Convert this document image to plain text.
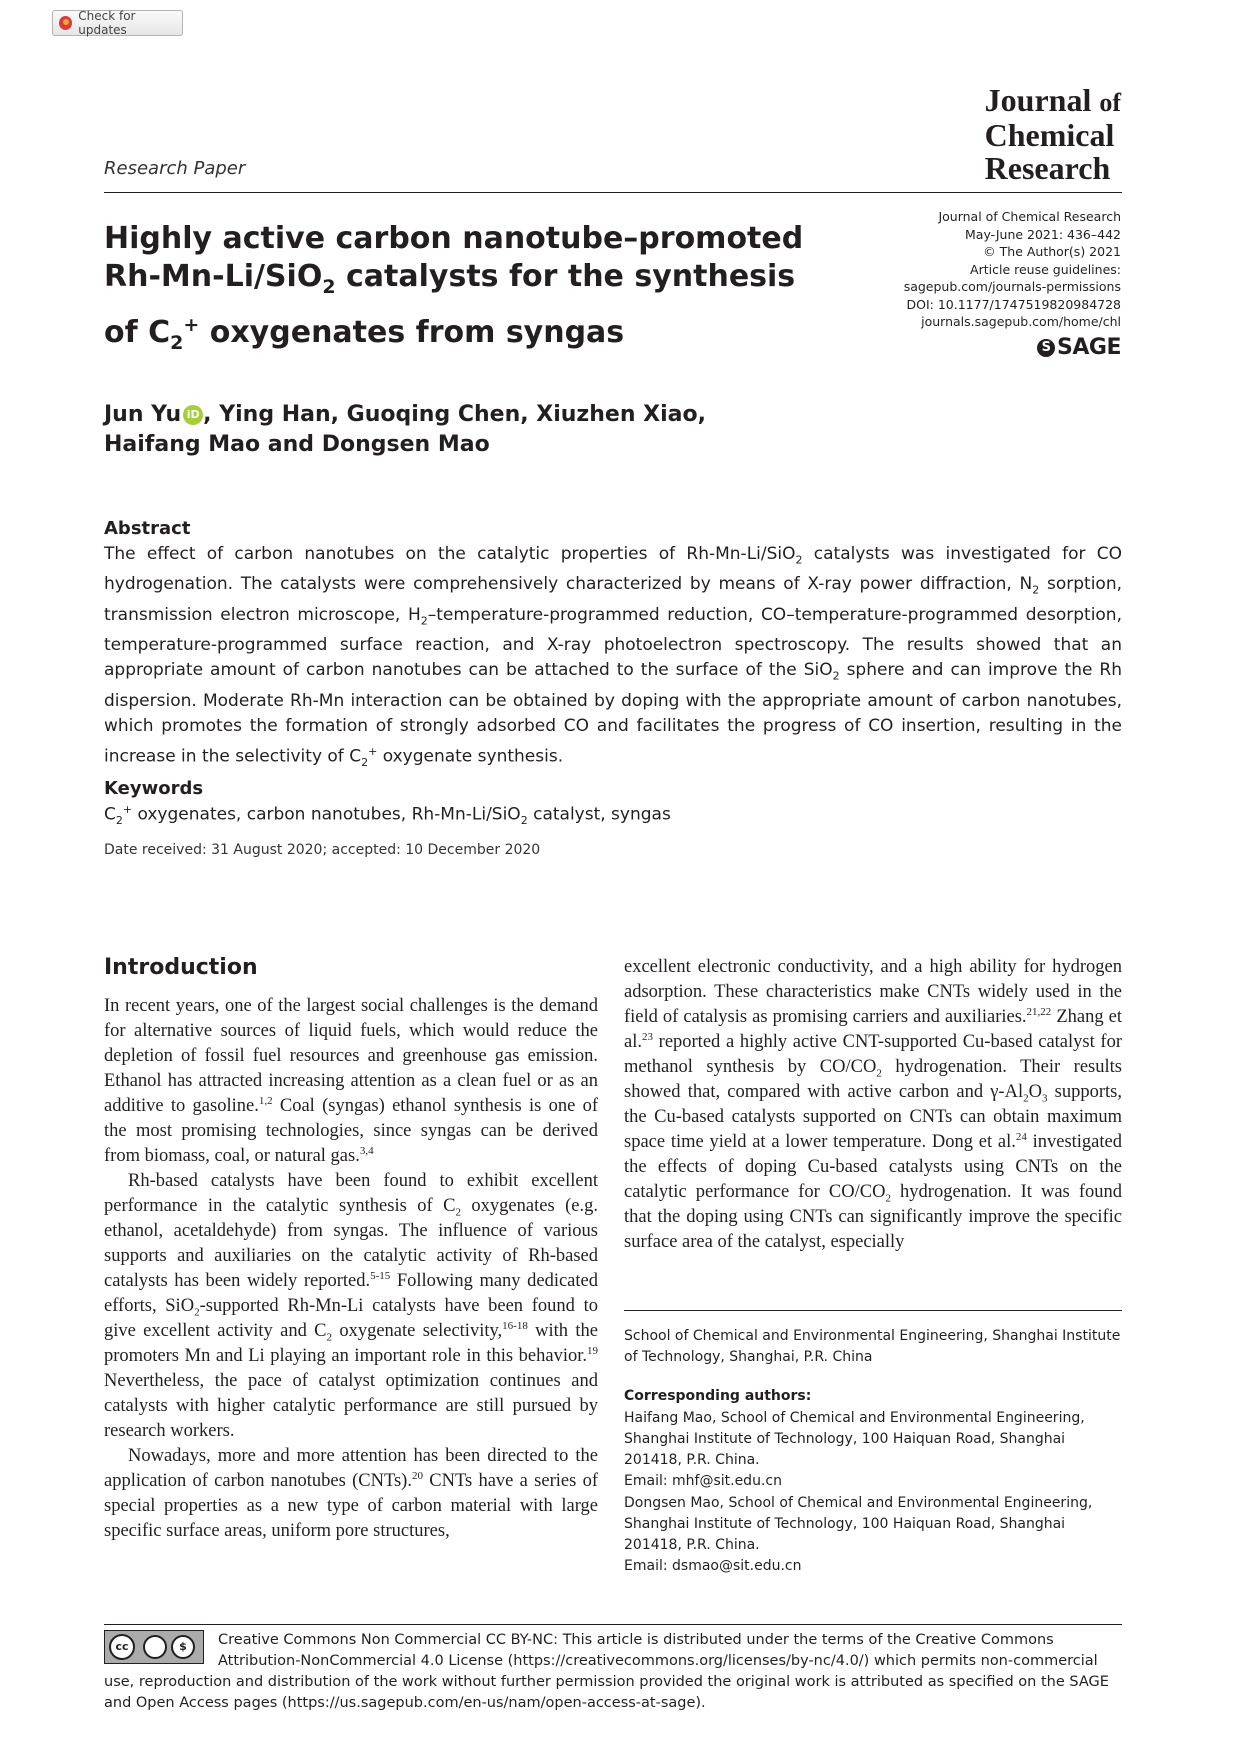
Check for updates
Research Paper
Journal of
Chemical
Research
Highly active carbon nanotube–promoted Rh-Mn-Li/SiO$_2$ catalysts for the synthesis of $C_2^+$ oxygenates from syngas
Journal of Chemical Research
May-June 2021: 436–442
© The Author(s) 2021
Article reuse guidelines:
sagepub.com/journals-permissions
DOI: 10.1177/1747519820984728
journals.sagepub.com/home/chl
S SAGE
Jun Yu iD , Ying Han, Guoqing Chen, Xiuzhen Xiao,
Haifang Mao and Dongsen Mao
Abstract
The effect of carbon nanotubes on the catalytic properties of Rh-Mn-Li/SiO$_2$ catalysts was investigated for CO hydrogenation. The catalysts were comprehensively characterized by means of X-ray power diffraction, $N_2$ sorption, transmission electron microscope, $H_2-temperature$-programmed reduction, CO–temperature-programmed desorption, temperature-programmed surface reaction, and X-ray photoelectron spectroscopy. The results showed that an appropriate amount of carbon nanotubes can be attached to the surface of the SiO$_2$ sphere and can improve the Rh dispersion. Moderate Rh-Mn interaction can be obtained by doping with the appropriate amount of carbon nanotubes, which promotes the formation of strongly adsorbed CO and facilitates the progress of CO insertion, resulting in the increase in the selectivity of $C_2^+$ oxygenate synthesis.
Keywords
$C_2^+$ oxygenates, carbon nanotubes, Rh-Mn-Li/SiO$_2$ catalyst, syngas
Date received: 31 August 2020; accepted: 10 December 2020
Introduction

In recent years, one of the largest social challenges is the demand for alternative sources of liquid fuels, which would reduce the depletion of fossil fuel resources and greenhouse gas emission. Ethanol has attracted increasing attention as a clean fuel or as an additive to gasoline.$^{1,2}$ Coal (syngas) ethanol synthesis is one of the most promising technologies, since syngas can be derived from biomass, coal, or natural gas.$^{3,4}$

Rh-based catalysts have been found to exhibit excellent performance in the catalytic synthesis of $C_2$ oxygenates (e.g. ethanol, acetaldehyde) from syngas. The influence of various supports and auxiliaries on the catalytic activity of Rh-based catalysts has been widely reported.$^{5-15}$ Following many dedicated efforts, SiO$_2$-supported Rh-Mn-Li catalysts have been found to give excellent activity and $C_2$ oxygenate selectivity,$^{16-18}$ with the promoters Mn and Li playing an important role in this behavior.$^{19}$ Nevertheless, the pace of catalyst optimization continues and catalysts with higher catalytic performance are still pursued by research workers.

Nowadays, more and more attention has been directed to the application of carbon nanotubes (CNTs).$^{20}$ CNTs have a series of special properties as a new type of carbon material with large specific surface areas, uniform pore structures,

excellent electronic conductivity, and a high ability for hydrogen adsorption. These characteristics make CNTs widely used in the field of catalysis as promising carriers and auxiliaries.$^{21,22}$ Zhang et al.$^{23}$ reported a highly active CNT-supported Cu-based catalyst for methanol synthesis by $CO/CO_2$ hydrogenation. Their results showed that, compared with active carbon and $\gamma-Al_2O_3$ supports, the Cu-based catalysts supported on CNTs can obtain maximum space time yield at a lower temperature. Dong et al.$^{24}$ investigated the effects of doping Cu-based catalysts using CNTs on the catalytic performance for $CO/CO_2$ hydrogenation. It was found that the doping using CNTs can significantly improve the specific surface area of the catalyst, especially

School of Chemical and Environmental Engineering, Shanghai Institute of Technology, Shanghai, P.R. China
Corresponding authors:
Haifang Mao, School of Chemical and Environmental Engineering, Shanghai Institute of Technology, 100 Haiquan Road, Shanghai 201418, P.R. China.
Email: mhf@sit.edu.cn
Dongsen Mao, School of Chemical and Environmental Engineering, Shanghai Institute of Technology, 100 Haiquan Road, Shanghai 201418, P.R. China.
Email: dsmao@sit.edu.cn
cc	$	Creative Commons Non Commercial CC BY-NC: This article is distributed under the terms of the Creative Commons
Attribution-NonCommercial 4.0 License (https://creativecommons.org/licenses/by-nc/4.0/) which permits non-commercial use, reproduction and distribution of the work without further permission provided the original work is attributed as specified on the SAGE and Open Access pages (https://us.sagepub.com/en-us/nam/open-access-at-sage).
